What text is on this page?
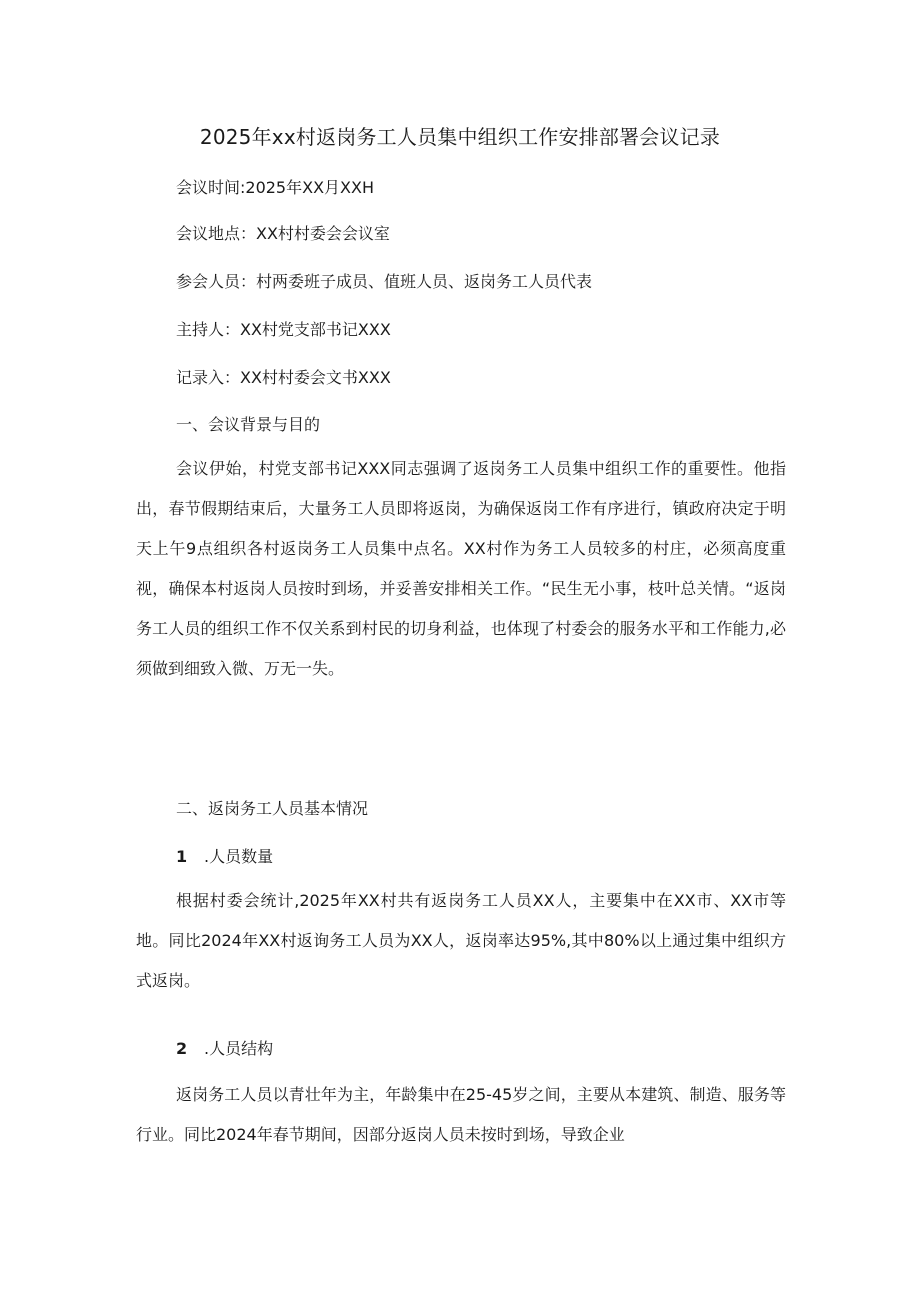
2025年xx村返岗务工人员集中组织工作安排部署会议记录
会议时间:2025年XX月XXH
会议地点：XX村村委会会议室
参会人员：村两委班子成员、值班人员、返岗务工人员代表
主持人：XX村党支部书记XXX
记录入：XX村村委会文书XXX
一、会议背景与目的
会议伊始，村党支部书记XXX同志强调了返岗务工人员集中组织工作的重要性。他指出，春节假期结束后，大量务工人员即将返岗，为确保返岗工作有序进行，镇政府决定于明天上午9点组织各村返岗务工人员集中点名。XX村作为务工人员较多的村庄，必须高度重视，确保本村返岗人员按时到场，并妥善安排相关工作。“民生无小事，枝叶总关情。“返岗务工人员的组织工作不仅关系到村民的切身利益，也体现了村委会的服务水平和工作能力,必须做到细致入微、万无一失。
二、返岗务工人员基本情况
1 .人员数量
根据村委会统计,2025年XX村共有返岗务工人员XX人，主要集中在XX市、XX市等地。同比2024年XX村返询务工人员为XX人，返岗率达95%,其中80%以上通过集中组织方式返岗。
2 .人员结构
返岗务工人员以青壮年为主，年龄集中在25-45岁之间，主要从本建筑、制造、服务等行业。同比2024年春节期间，因部分返岗人员未按时到场，导致企业
